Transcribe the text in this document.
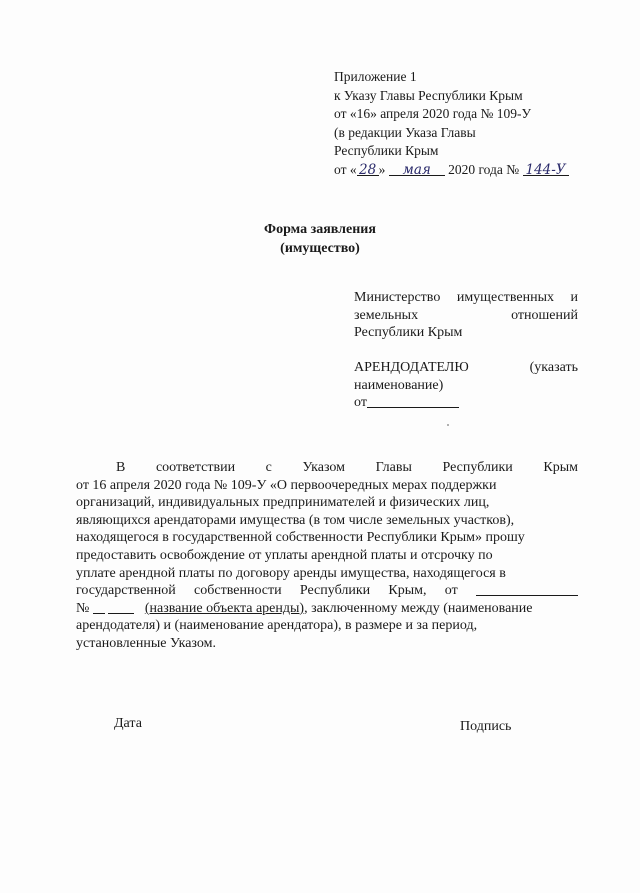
Приложение 1
к Указу Главы Республики Крым
от «16» апреля 2020 года № 109-У
(в редакции Указа Главы
Республики Крым
от « 28 » мая 2020 года № 144-У
Форма заявления
(имущество)
Министерство имущественных и
земельных	отношений
Республики Крым
АРЕНДОДАТЕЛЮ	(указать
наименование)
от
В соответствии с Указом Главы Республики Крым
от 16 апреля 2020 года № 109-У «О первоочередных мерах поддержки
организаций, индивидуальных предпринимателей и физических лиц,
являющихся арендаторами имущества (в том числе земельных участков),
находящегося в государственной собственности Республики Крым» прошу
предоставить освобождение от уплаты арендной платы и отсрочку по
уплате арендной платы по договору аренды имущества, находящегося в
государственной собственности Республики Крым, от
№

	(название объекта аренды) , заключенному между (наименование
арендодателя) и (наименование арендатора), в размере и за период,
установленные Указом.
Дата	Подпись
